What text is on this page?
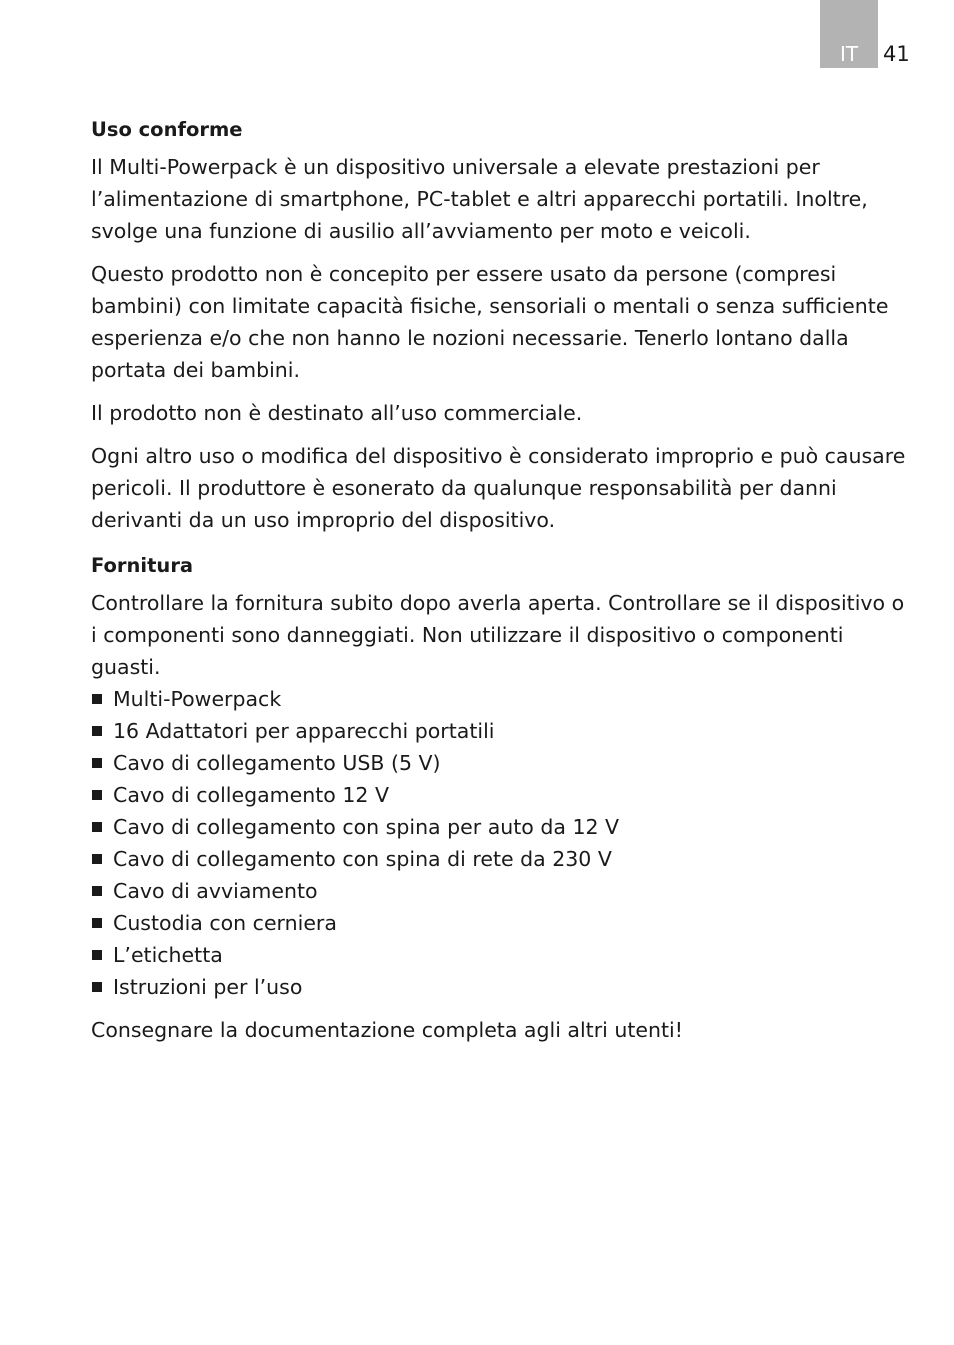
IT 41
Uso conforme

Il Multi-Powerpack è un dispositivo universale a elevate prestazioni per l’alimentazione di smartphone, PC-tablet e altri apparecchi portatili. Inoltre, svolge una funzione di ausilio all’avviamento per moto e veicoli.

Questo prodotto non è concepito per essere usato da persone (compresi bambini) con limitate capacità fisiche, sensoriali o mentali o senza sufficiente esperienza e/o che non hanno le nozioni necessarie. Tenerlo lontano dalla portata dei bambini.

Il prodotto non è destinato all’uso commerciale.

Ogni altro uso o modifica del dispositivo è considerato improprio e può causare pericoli. Il produttore è esonerato da qualunque responsabilità per danni derivanti da un uso improprio del dispositivo.

Fornitura

Controllare la fornitura subito dopo averla aperta. Controllare se il dispositivo o i componenti sono danneggiati. Non utilizzare il dispositivo o componenti guasti.

Multi-Powerpack
16 Adattatori per apparecchi portatili
Cavo di collegamento USB (5 V)
Cavo di collegamento 12 V
Cavo di collegamento con spina per auto da 12 V
Cavo di collegamento con spina di rete da 230 V
Cavo di avviamento
Custodia con cerniera
L’etichetta
Istruzioni per l’uso

Consegnare la documentazione completa agli altri utenti!
